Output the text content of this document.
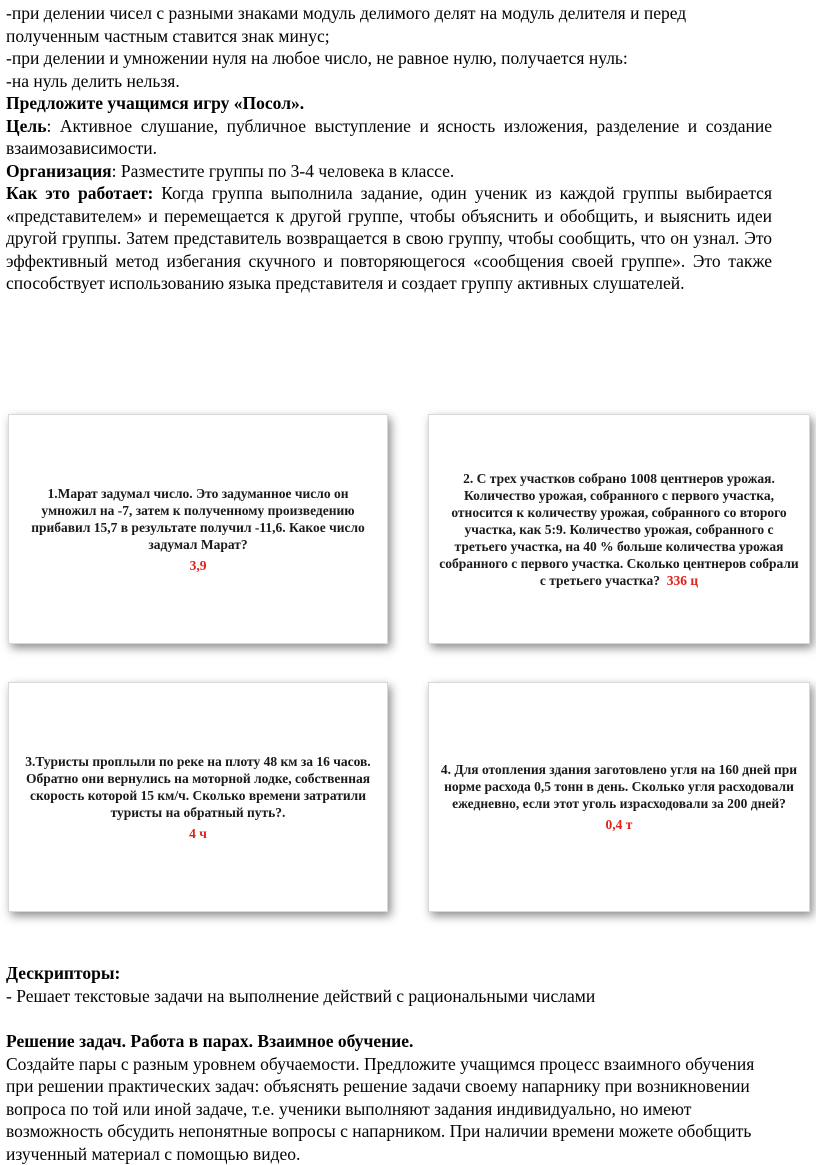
-при делении чисел с разными знаками модуль делимого делят на модуль делителя и перед полученным частным ставится знак минус;

-при делении и умножении нуля на любое число, не равное нулю, получается нуль:

-на нуль делить нельзя.

Предложите учащимся игру «Посол».

Цель: Активное слушание, публичное выступление и ясность изложения, разделение и создание взаимозависимости.

Организация: Разместите группы по 3-4 человека в классе.

Как это работает: Когда группа выполнила задание, один ученик из каждой группы выбирается «представителем» и перемещается к другой группе, чтобы объяснить и обобщить, и выяснить идеи другой группы. Затем представитель возвращается в свою группу, чтобы сообщить, что он узнал. Это эффективный метод избегания скучного и повторяющегося «сообщения своей группе». Это также способствует использованию языка представителя и создает группу активных слушателей.

1.Марат задумал число. Это задуманное число он умножил на -7, затем к полученному произведению прибавил 15,7 в результате получил -11,6. Какое число задумал Марат?
3,9
2. С трех участков собрано 1008 центнеров урожая. Количество урожая, собранного с первого участка, относится к количеству урожая, собранного со второго участка, как 5:9. Количество урожая, собранного с третьего участка, на 40 % больше количества урожая собранного с первого участка. Сколько центнеров собрали с третьего участка? 336 ц
3.Туристы проплыли по реке на плоту 48 км за 16 часов. Обратно они вернулись на моторной лодке, собственная скорость которой 15 км/ч. Сколько времени затратили туристы на обратный путь?.
4 ч
4. Для отопления здания заготовлено угля на 160 дней при норме расхода 0,5 тонн в день. Сколько угля расходовали ежедневно, если этот уголь израсходовали за 200 дней?
0,4 т

Дескрипторы:

- Решает текстовые задачи на выполнение действий с рациональными числами

Решение задач. Работа в парах. Взаимное обучение.

Создайте пары с разным уровнем обучаемости. Предложите учащимся процесс взаимного обучения при решении практических задач: объяснять решение задачи своему напарнику при возникновении вопроса по той или иной задаче, т.е. ученики выполняют задания индивидуально, но имеют возможность обсудить непонятные вопросы с напарником. При наличии времени можете обобщить изученный материал с помощью видео.
